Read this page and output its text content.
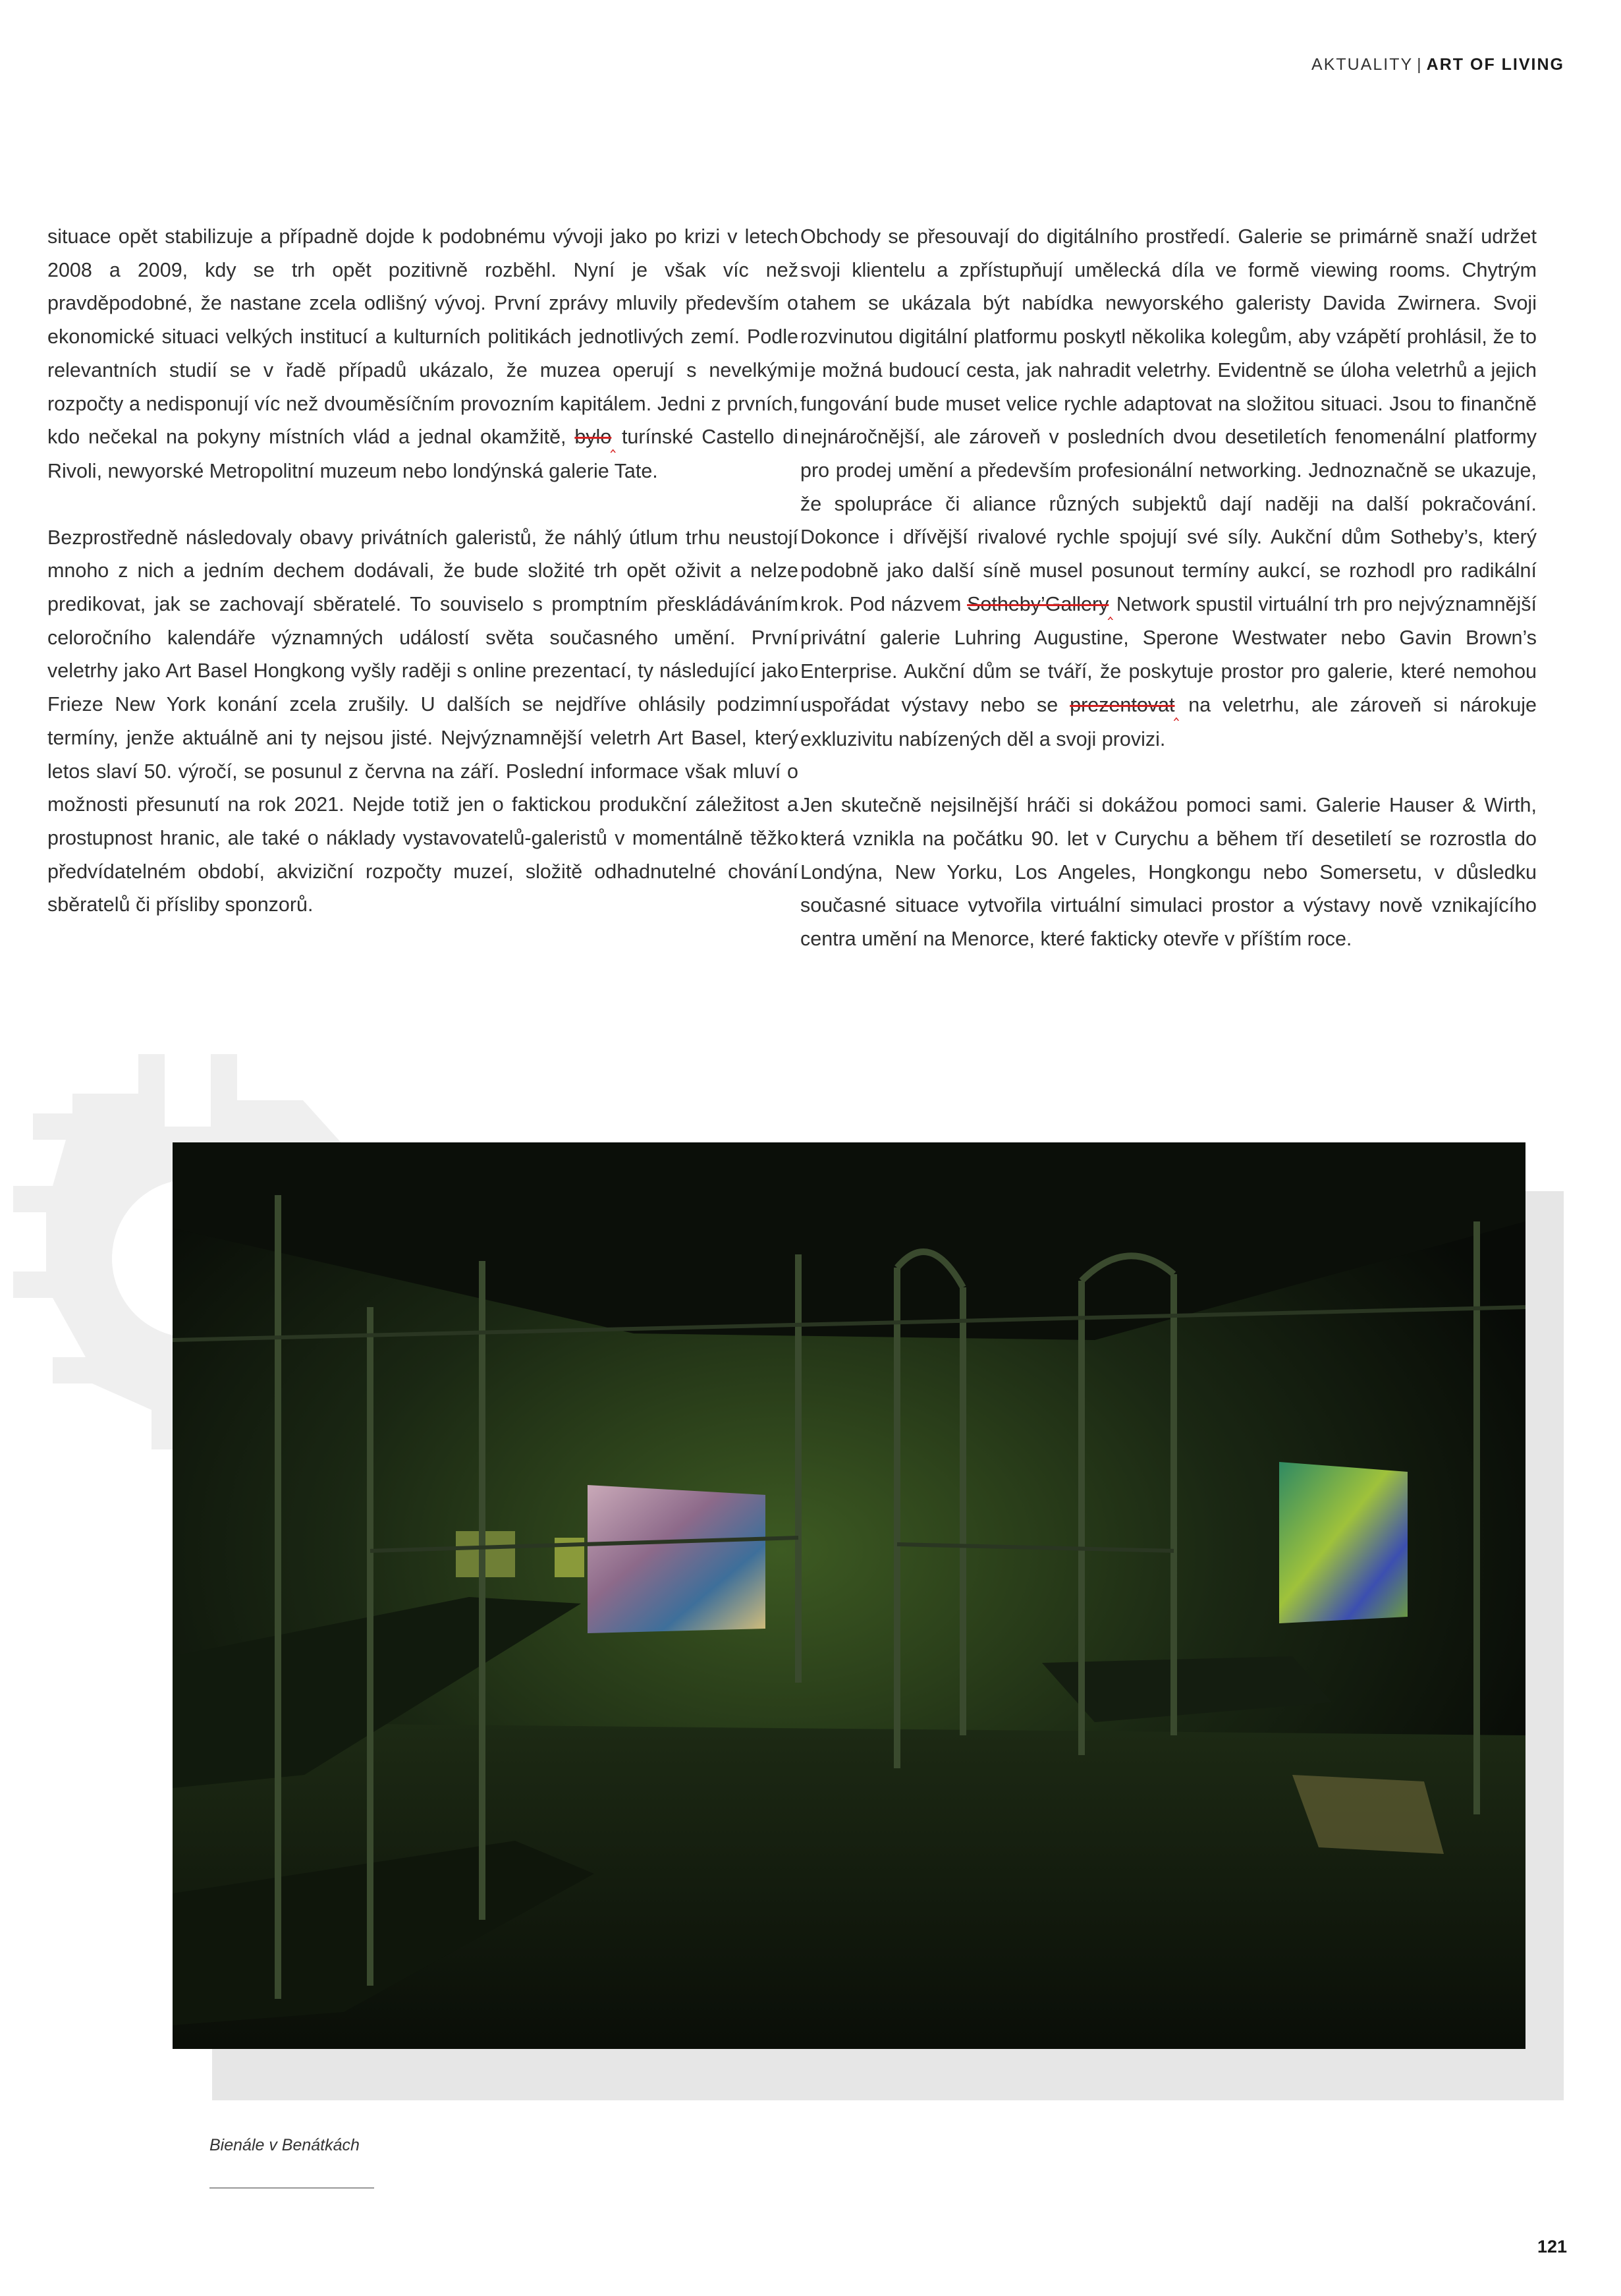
AKTUALITY | ART OF LIVING

situace opět stabilizuje a případně dojde k podobnému vývoji jako po krizi v letech 2008 a 2009, kdy se trh opět pozitivně rozběhl. Nyní je však víc než pravděpodobné, že nastane zcela odlišný vývoj. První zprávy mluvily především o ekonomické situaci velkých institucí a kulturních politikách jednotlivých zemí. Podle relevantních studií se v řadě případů ukázalo, že muzea operují s nevelkými rozpočty a nedisponují víc než dvouměsíčním provozním kapitálem. Jedni z prvních, kdo nečekal na pokyny místních vlád a jednal okamžitě, bylo‸ turínské Castello di Rivoli, newyorské Metropolitní muzeum nebo londýnská galerie Tate.

Bezprostředně následovaly obavy privátních galeristů, že náhlý útlum trhu neustojí mnoho z nich a jedním dechem dodávali, že bude složité trh opět oživit a nelze predikovat, jak se zachovají sběratelé. To souviselo s promptním přeskládáváním celoročního kalendáře významných událostí světa současného umění. První veletrhy jako Art Basel Hongkong vyšly raději s online prezentací, ty následující jako Frieze New York konání zcela zrušily. U dalších se nejdříve ohlásily podzimní termíny, jenže aktuálně ani ty nejsou jisté. Nejvýznamnější veletrh Art Basel, který letos slaví 50. výročí, se posunul z června na září. Poslední informace však mluví o možnosti přesunutí na rok 2021. Nejde totiž jen o faktickou produkční záležitost a prostupnost hranic, ale také o náklady vystavovatelů-galeristů v momentálně těžko předvídatelném období, akviziční rozpočty muzeí, složitě odhadnutelné chování sběratelů či přísliby sponzorů.

Obchody se přesouvají do digitálního prostředí. Galerie se primárně snaží udržet svoji klientelu a zpřístupňují umělecká díla ve formě viewing rooms. Chytrým tahem se ukázala být nabídka newyorského galeristy Davida Zwirnera. Svoji rozvinutou digitální platformu poskytl několika kolegům, aby vzápětí prohlásil, že to je možná budoucí cesta, jak nahradit veletrhy. Evidentně se úloha veletrhů a jejich fungování bude muset velice rychle adaptovat na složitou situaci. Jsou to finančně nejnáročnější, ale zároveň v posledních dvou desetiletích fenomenální platformy pro prodej umění a především profesionální networking. Jednoznačně se ukazuje, že spolupráce či aliance různých subjektů dají naději na další pokračování. Dokonce i dřívější rivalové rychle spojují své síly. Aukční dům Sotheby’s, který podobně jako další síně musel posunout termíny aukcí, se rozhodl pro radikální krok. Pod názvem Sotheby’Gallery‸ Network spustil virtuální trh pro nejvýznamnější privátní galerie Luhring Augustine, Sperone Westwater nebo Gavin Brown’s Enterprise. Aukční dům se tváří, že poskytuje prostor pro galerie, které nemohou uspořádat výstavy nebo se prezentovat‸ na veletrhu, ale zároveň si nárokuje exkluzivitu nabízených děl a svoji provizi.

Jen skutečně nejsilnější hráči si dokážou pomoci sami. Galerie Hauser & Wirth, která vznikla na počátku 90. let v Curychu a během tří desetiletí se rozrostla do Londýna, New Yorku, Los Angeles, Hongkongu nebo Somersetu, v důsledku současné situace vytvořila virtuální simulaci prostor a výstavy nově vznikajícího centra umění na Menorce, které fakticky otevře v příštím roce.

Bienále v Benátkách
121
